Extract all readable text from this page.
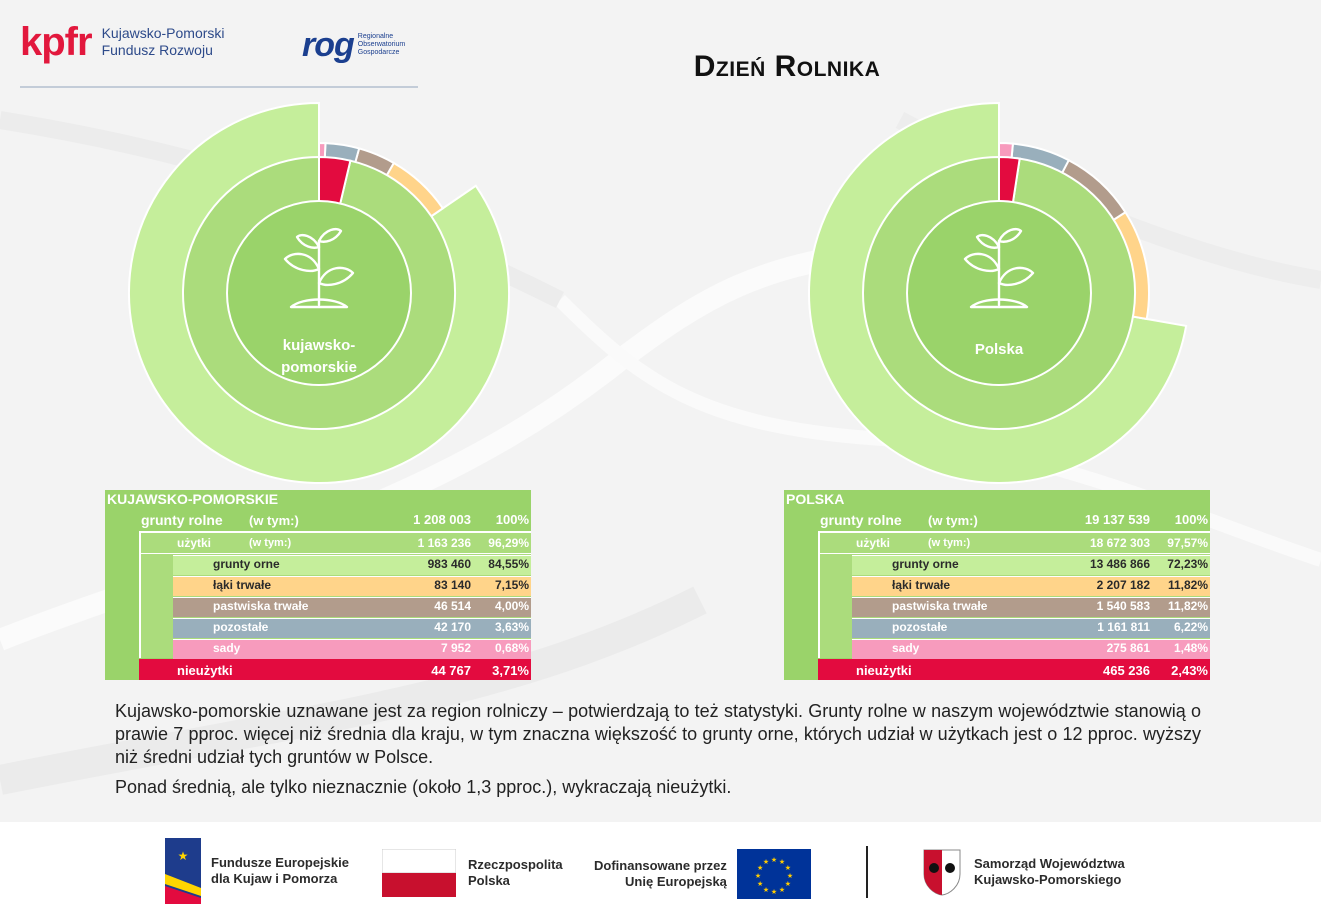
kpfr Kujawsko-Pomorski
Fundusz Rozwoju	rog Regionalne
Obserwatorium
Gospodarcze	Dzień Rolnika
kujawsko-
pomorskie
Polska
KUJAWSKO-POMORSKIE
grunty rolne (w tym:)	1 208 003 100%
użytki	(w tym:)	1 163 236 96,29%
nieużytki	44 767 3,71%
grunty orne	983 460 84,55%
łąki trwałe	83 140 7,15%
pastwiska trwałe	46 514 4,00%
pozostałe	42 170 3,63%
sady	7 952 0,68%
POLSKA
grunty rolne (w tym:)	19 137 539 100%
użytki	(w tym:)	18 672 303 97,57%
nieużytki	465 236 2,43%
grunty orne	13 486 866 72,23%
łąki trwałe	2 207 182 11,82%
pastwiska trwałe	1 540 583 11,82%
pozostałe	1 161 811 6,22%
sady	275 861 1,48%

Kujawsko-pomorskie uznawane jest za region rolniczy – potwierdzają to też statystyki. Grunty rolne w naszym województwie stanowią o prawie 7 pproc. więcej niż średnia dla kraju, w tym znaczna większość to grunty orne, których udział w użytkach jest o 12 pproc. wyższy niż średni udział tych gruntów w Polsce.

Ponad średnią, ale tylko nieznacznie (około 1,3 pproc.), wykraczają nieużytki.

★ Fundusze Europejskie
dla Kujaw i Pomorza
Rzeczpospolita
Polska
Dofinansowane przez
Unię Europejską
★ ★
★
★
★
★
★
★
★
★
★
★	Samorząd Województwa
Kujawsko-Pomorskiego
